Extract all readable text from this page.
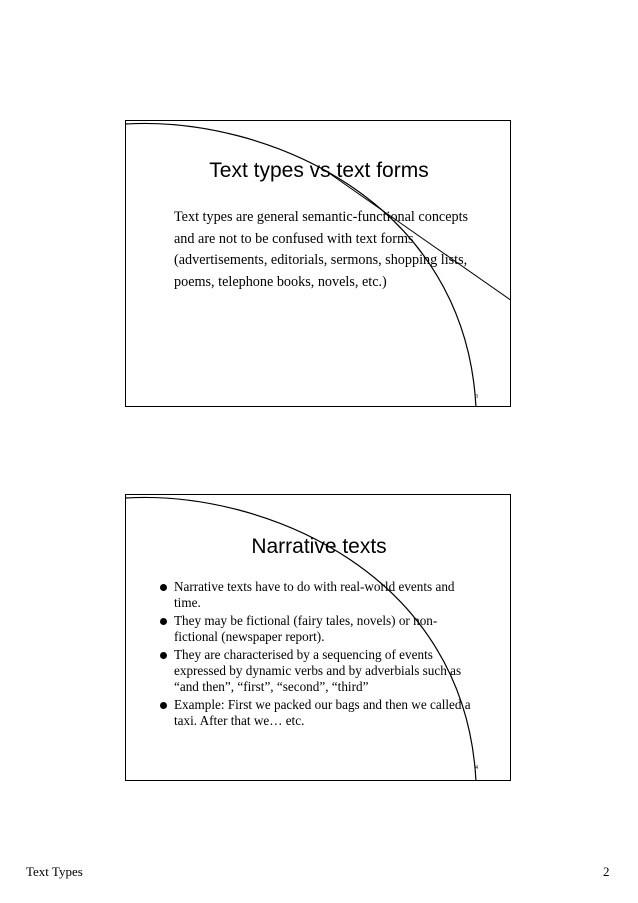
Text types vs text forms
Text types are general semantic-functional concepts and are not to be confused with text forms (advertisements, editorials, sermons, shopping lists, poems, telephone books, novels, etc.)
3
Narrative texts
Narrative texts have to do with real-world events and time.
They may be fictional (fairy tales, novels) or non-fictional (newspaper report).
They are characterised by a sequencing of events expressed by dynamic verbs and by adverbials such as “and then”, “first”, “second”, “third”
Example: First we packed our bags and then we called a taxi. After that we… etc.
4
Text Types	2
